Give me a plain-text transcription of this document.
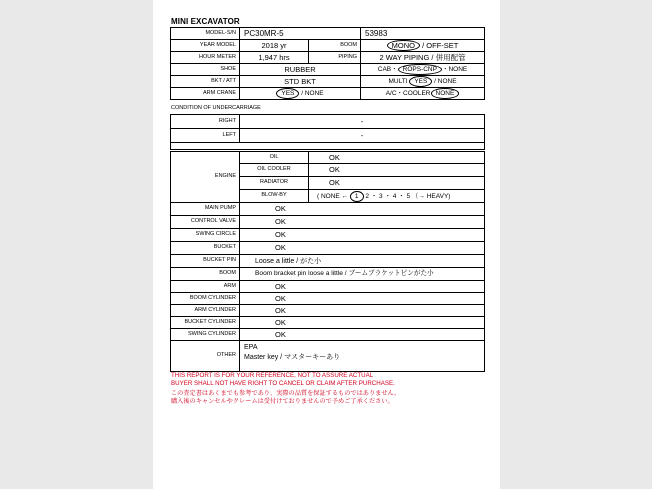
MINI EXCAVATOR
MODEL-S/N	PC30MR-5		53983
YEAR MODEL	2018 yr	BOOM	MONO / OFF-SET
HOUR METER	1,947 hrs	PIPING	2 WAY PIPING / 併用配管
SHOE	RUBBER		CAB・ ROPS-CNP ・NONE
BKT / ATT	STD BKT		MULTI YES / NONE
ARM CRANE	YES / NONE		A/C・COOLER NONE
CONDITION OF UNDERCARRIAGE
RIGHT	-
LEFT	-

ENGINE	OIL	OK
	OIL COOLER	OK
	RADIATOR	OK
	BLOW-BY	( NONE ← 1 2 ・ 3 ・ 4 ・ 5 （→ HEAVY)
MAIN PUMP	OK	
CONTROL VALVE	OK	
SWING CIRCLE	OK	
BUCKET	OK	
BUCKET PIN	Loose a little / がた小	
BOOM	Boom bracket pin loose a little / ブームブラケットピンがた小	
ARM	OK	
BOOM CYLINDER	OK	
ARM CYLINDER	OK	
BUCKET CYLINDER	OK	
SWING CYLINDER	OK	
OTHER	EPA
Master key / マスターキーあり	
THIS REPORT IS FOR YOUR REFERENCE, NOT TO ASSURE ACTUAL
BUYER SHALL NOT HAVE RIGHT TO CANCEL OR CLAIM AFTER PURCHASE.
この査定書はあくまでも参考であり、実際の品質を保証するものではありません。
購入後のキャンセルやクレームは受付けておりませんので予めご了承ください。
